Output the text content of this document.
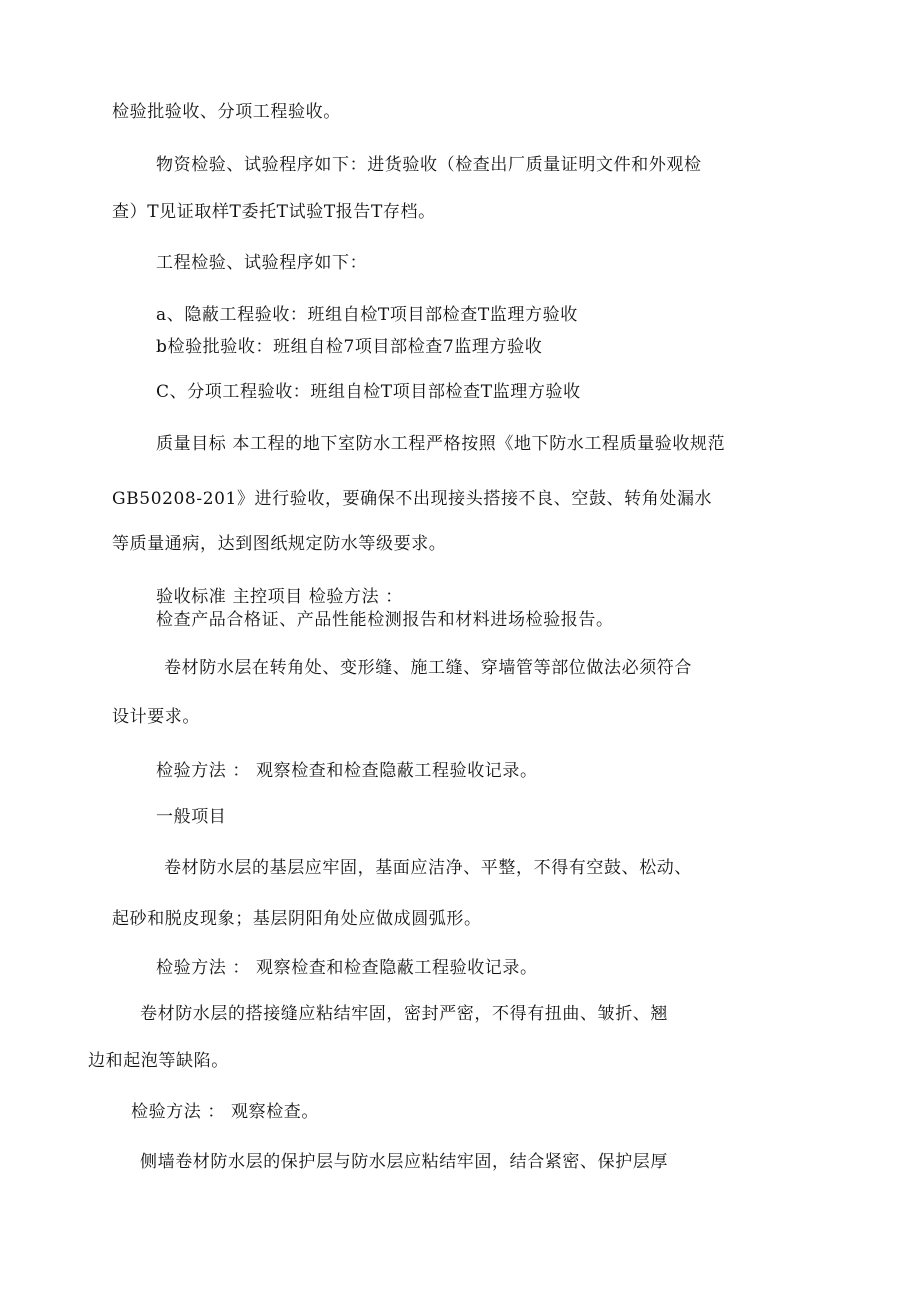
检验批验收、分项工程验收。
物资检验、试验程序如下：进货验收（检查出厂质量证明文件和外观检
查）T见证取样T委托T试验T报告T存档。
工程检验、试验程序如下：
a、隐蔽工程验收：班组自检T项目部检查T监理方验收
b检验批验收：班组自检7项目部检查7监理方验收
C、分项工程验收：班组自检T项目部检查T监理方验收
质量目标 本工程的地下室防水工程严格按照《地下防水工程质量验收规范
GB50208-201》进行验收，要确保不出现接头搭接不良、空鼓、转角处漏水
等质量通病，达到图纸规定防水等级要求。
验收标准 主控项目 检验方法 ：
检查产品合格证、产品性能检测报告和材料进场检验报告。
卷材防水层在转角处、变形缝、施工缝、穿墙管等部位做法必须符合
设计要求。
检验方法 ： 观察检查和检查隐蔽工程验收记录。
一般项目
卷材防水层的基层应牢固，基面应洁净、平整，不得有空鼓、松动、
起砂和脱皮现象；基层阴阳角处应做成圆弧形。
检验方法 ： 观察检查和检查隐蔽工程验收记录。
卷材防水层的搭接缝应粘结牢固，密封严密，不得有扭曲、皱折、翘
边和起泡等缺陷。
检验方法 ： 观察检查。
侧墙卷材防水层的保护层与防水层应粘结牢固，结合紧密、保护层厚
